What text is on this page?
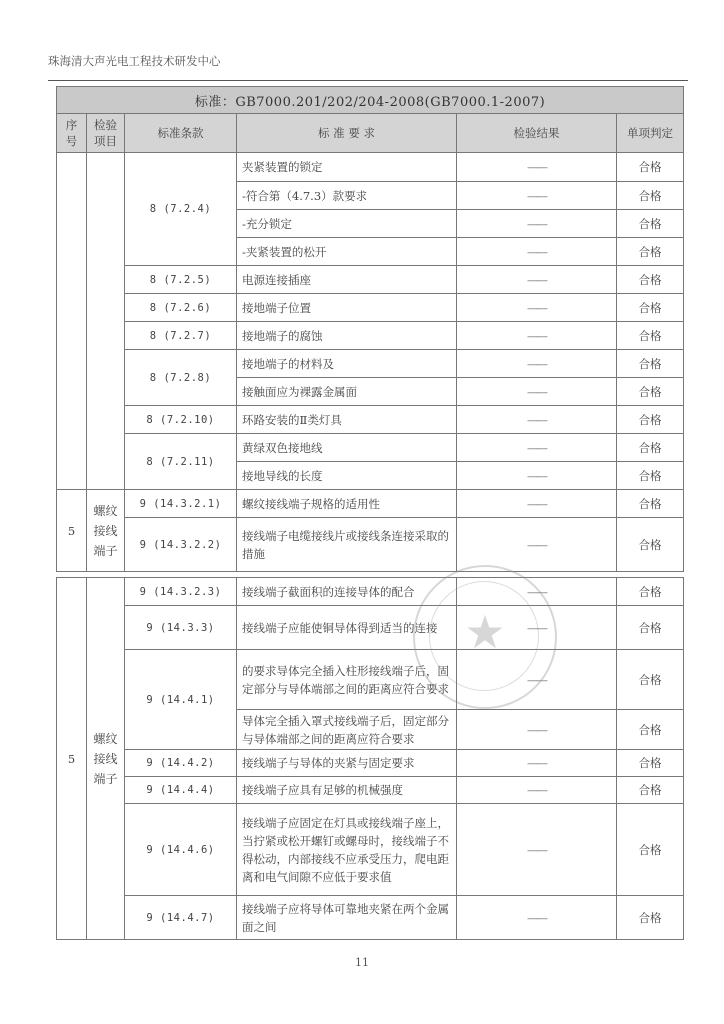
珠海清大声光电工程技术研发中心
标准：GB7000.201/202/204-2008(GB7000.1-2007)					
序号	检验项目	标准条款	标 准 要 求	检验结果	单项判定
		8 (7.2.4)	夹紧装置的锁定	——	合格
			-符合第（4.7.3）款要求	——	合格
			-充分锁定	——	合格
			-夹紧装置的松开	——	合格
		8 (7.2.5)	电源连接插座	——	合格
		8 (7.2.6)	接地端子位置	——	合格
		8 (7.2.7)	接地端子的腐蚀	——	合格
		8 (7.2.8)	接地端子的材料及	——	合格
			接触面应为裸露金属面	——	合格
		8 (7.2.10)	环路安装的Ⅱ类灯具	——	合格
		8 (7.2.11)	黄绿双色接地线	——	合格
			接地导线的长度	——	合格
5	螺纹接线端子	9 (14.3.2.1)	螺纹接线端子规格的适用性	——	合格
		9 (14.3.2.2)	接线端子电缆接线片或接线条连接采取的措施	——	合格

5	螺纹接线端子	9 (14.3.2.3)	接线端子截面积的连接导体的配合	——	合格
		9 (14.3.3)	接线端子应能使铜导体得到适当的连接	——	合格
		9 (14.4.1)	的要求导体完全插入柱形接线端子后，固定部分与导体端部之间的距离应符合要求	——	合格
			导体完全插入罩式接线端子后，固定部分与导体端部之间的距离应符合要求	——	合格
		9 (14.4.2)	接线端子与导体的夹紧与固定要求	——	合格
		9 (14.4.4)	接线端子应具有足够的机械强度	——	合格
		9 (14.4.6)	接线端子应固定在灯具或接线端子座上，当拧紧或松开螺钉或螺母时，接线端子不得松动，内部接线不应承受压力，爬电距离和电气间隙不应低于要求值	——	合格
		9 (14.4.7)	接线端子应将导体可靠地夹紧在两个金属面之间	——	合格
★
11
